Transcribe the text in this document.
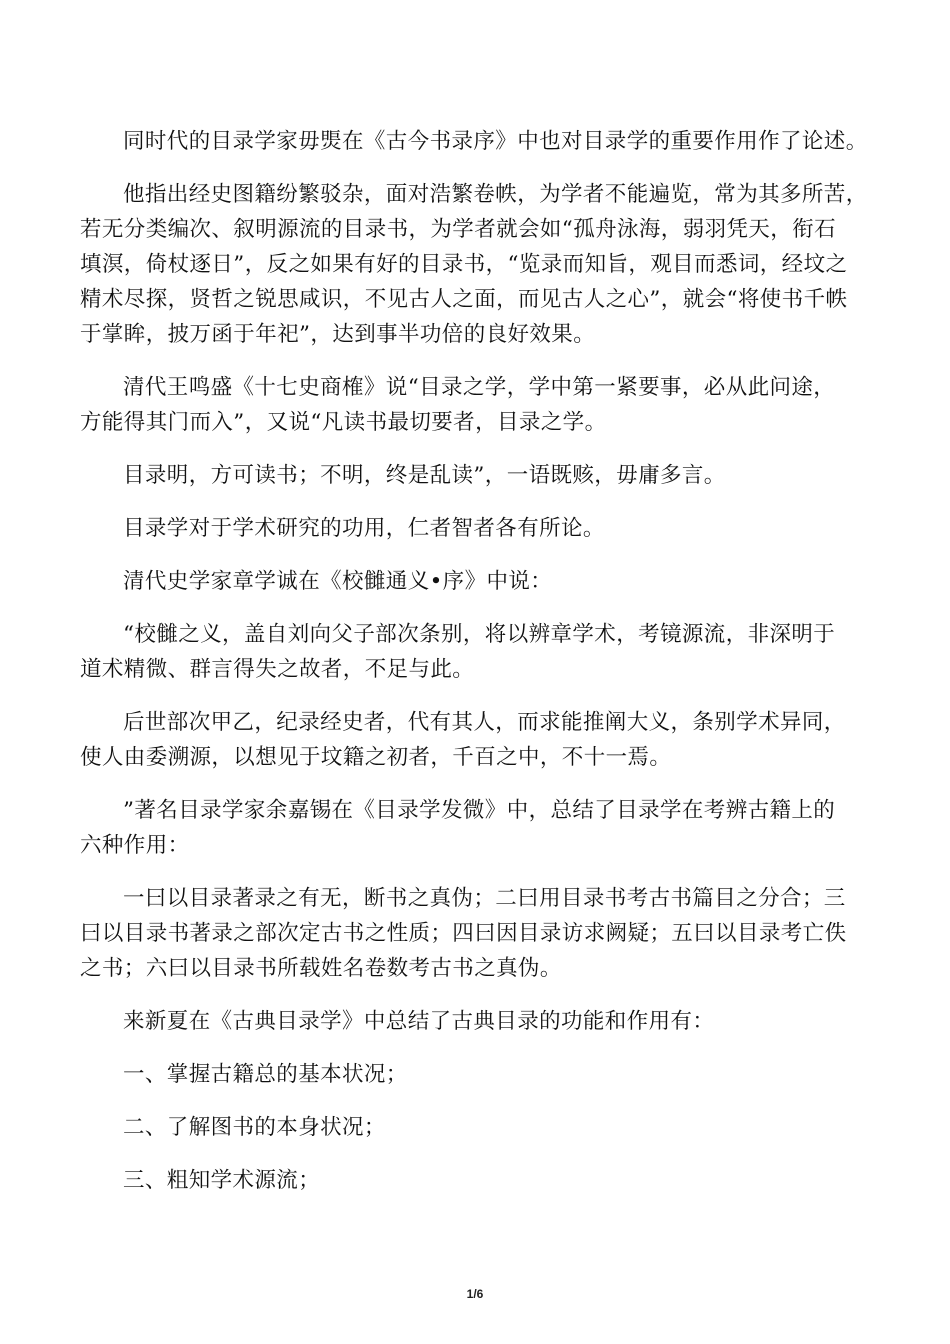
同时代的目录学家毋煚在《古今书录序》中也对目录学的重要作用作了论述。

他指出经史图籍纷繁驳杂，面对浩繁卷帙，为学者不能遍览，常为其多所苦，
若无分类编次、叙明源流的目录书，为学者就会如“孤舟泳海，弱羽凭天，衔石
填溟，倚杖逐日”，反之如果有好的目录书，“览录而知旨，观目而悉词，经坟之
精术尽探，贤哲之锐思咸识，不见古人之面，而见古人之心”，就会“将使书千帙
于掌眸，披万函于年祀”，达到事半功倍的良好效果。

清代王鸣盛《十七史商榷》说“目录之学，学中第一紧要事，必从此问途，
方能得其门而入”，又说“凡读书最切要者，目录之学。

目录明，方可读书；不明，终是乱读”，一语既赅，毋庸多言。

目录学对于学术研究的功用，仁者智者各有所论。

清代史学家章学诚在《校雠通义•序》中说：

“校雠之义，盖自刘向父子部次条别，将以辨章学术，考镜源流，非深明于
道术精微、群言得失之故者，不足与此。

后世部次甲乙，纪录经史者，代有其人，而求能推阐大义，条别学术异同，
使人由委溯源，以想见于坟籍之初者，千百之中，不十一焉。

”著名目录学家余嘉锡在《目录学发微》中，总结了目录学在考辨古籍上的
六种作用：

一曰以目录著录之有无，断书之真伪；二曰用目录书考古书篇目之分合；三
曰以目录书著录之部次定古书之性质；四曰因目录访求阙疑；五曰以目录考亡佚
之书；六曰以目录书所载姓名卷数考古书之真伪。

来新夏在《古典目录学》中总结了古典目录的功能和作用有：

一、掌握古籍总的基本状况；

二、了解图书的本身状况；

三、粗知学术源流；

1/6
